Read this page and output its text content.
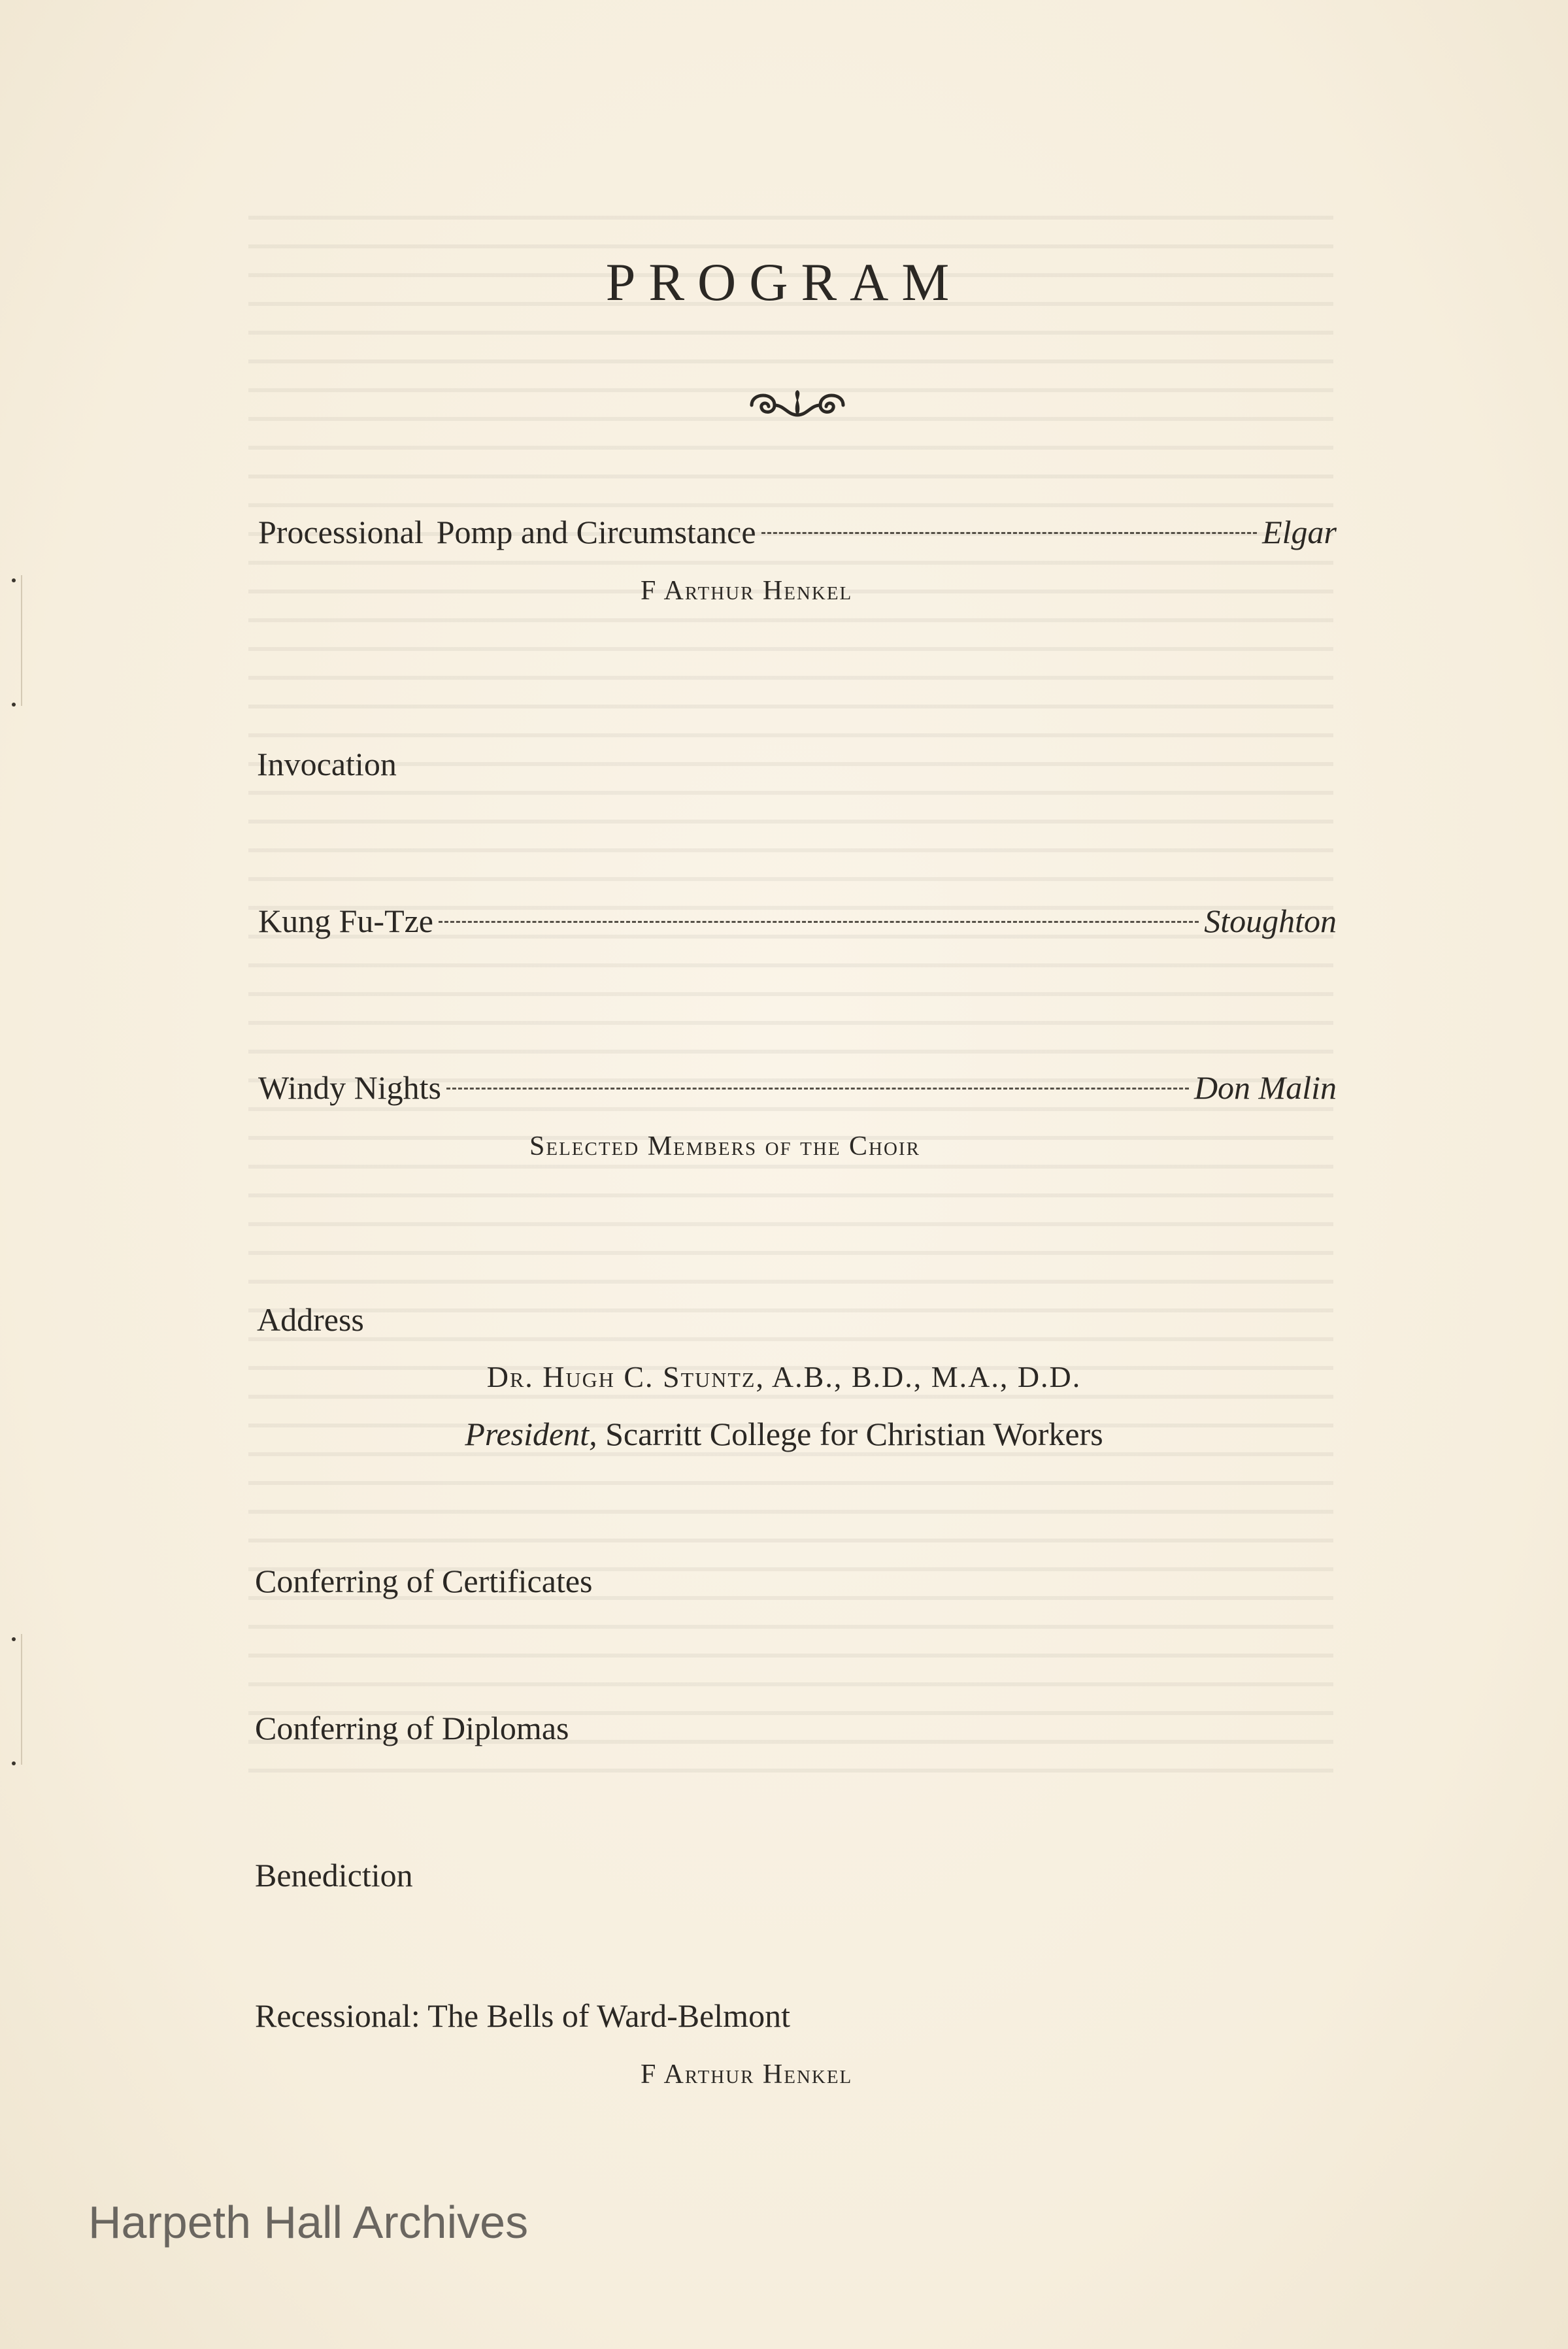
PROGRAM
Processional Pomp and Circumstance	Elgar
F Arthur Henkel
Invocation
Kung Fu-Tze	Stoughton
Windy Nights	Don Malin
Selected Members of the Choir
Address
Dr. Hugh C. Stuntz, A.B., B.D., M.A., D.D.
President, Scarritt College for Christian Workers
Conferring of Certificates
Conferring of Diplomas
Benediction
Recessional: The Bells of Ward-Belmont
F Arthur Henkel
Harpeth Hall Archives
